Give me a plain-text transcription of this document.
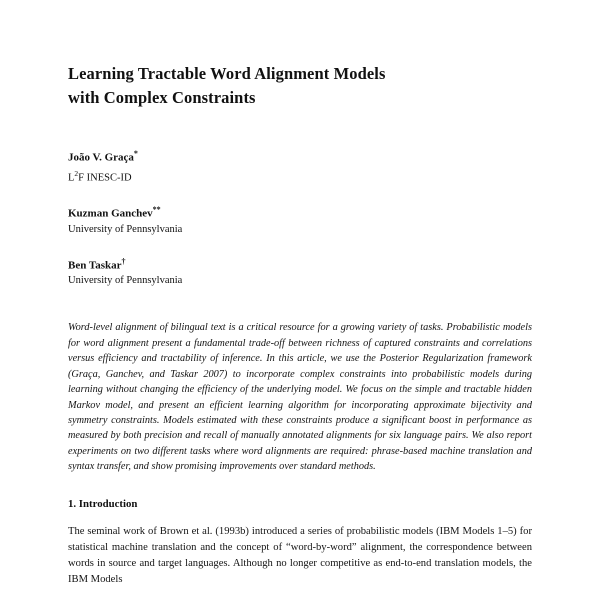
Learning Tractable Word Alignment Models
with Complex Constraints
João V. Graça*
$L^2F$ INESC-ID
Kuzman Ganchev**
University of Pennsylvania
Ben Taskar†
University of Pennsylvania
Word-level alignment of bilingual text is a critical resource for a growing variety of tasks. Probabilistic models for word alignment present a fundamental trade-off between richness of captured constraints and correlations versus efficiency and tractability of inference. In this article, we use the Posterior Regularization framework (Graça, Ganchev, and Taskar 2007) to incorporate complex constraints into probabilistic models during learning without changing the efficiency of the underlying model. We focus on the simple and tractable hidden Markov model, and present an efficient learning algorithm for incorporating approximate bijectivity and symmetry constraints. Models estimated with these constraints produce a significant boost in performance as measured by both precision and recall of manually annotated alignments for six language pairs. We also report experiments on two different tasks where word alignments are required: phrase-based machine translation and syntax transfer, and show promising improvements over standard methods.
1. Introduction
The seminal work of Brown et al. (1993b) introduced a series of probabilistic models (IBM Models 1–5) for statistical machine translation and the concept of “word-by-word” alignment, the correspondence between words in source and target languages. Although no longer competitive as end-to-end translation models, the IBM Models
